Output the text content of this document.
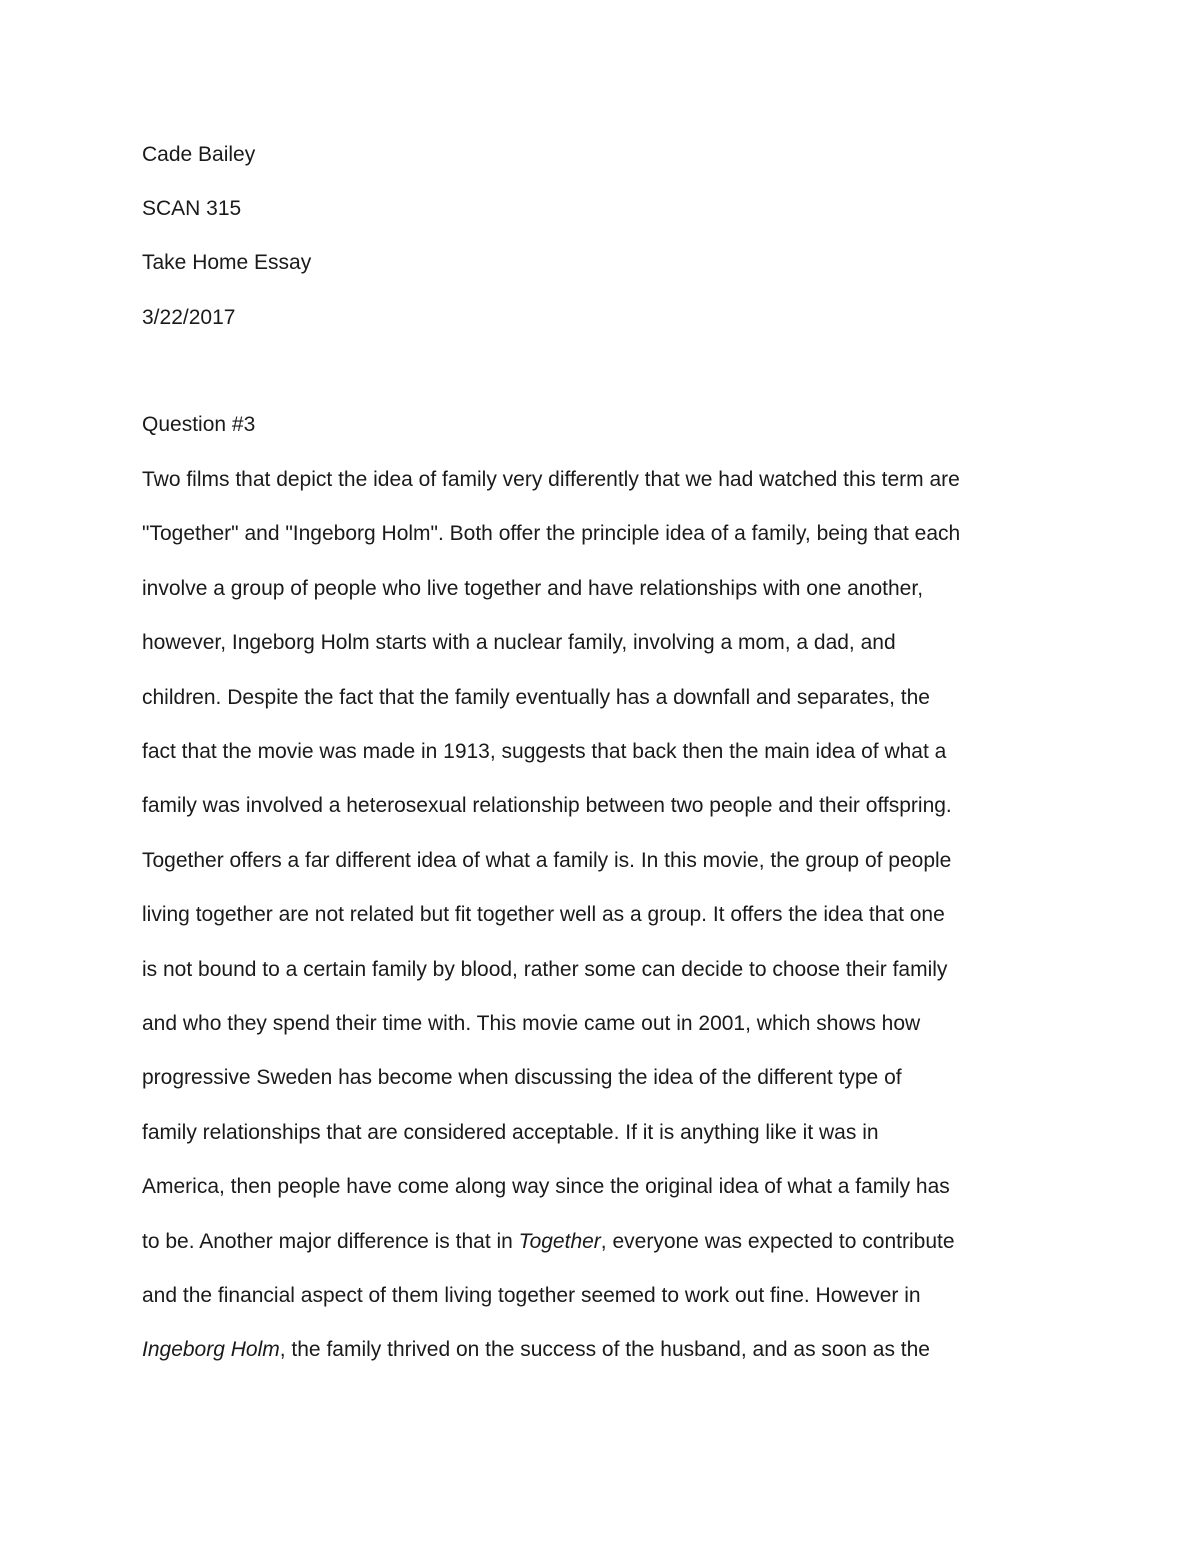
Cade Bailey
SCAN 315
Take Home Essay
3/22/2017
Question #3
Two films that depict the idea of family very differently that we had watched this term are
"Together" and "Ingeborg Holm". Both offer the principle idea of a family, being that each
involve a group of people who live together and have relationships with one another,
however, Ingeborg Holm starts with a nuclear family, involving a mom, a dad, and
children. Despite the fact that the family eventually has a downfall and separates, the
fact that the movie was made in 1913, suggests that back then the main idea of what a
family was involved a heterosexual relationship between two people and their offspring.
Together offers a far different idea of what a family is. In this movie, the group of people
living together are not related but fit together well as a group. It offers the idea that one
is not bound to a certain family by blood, rather some can decide to choose their family
and who they spend their time with. This movie came out in 2001, which shows how
progressive Sweden has become when discussing the idea of the different type of
family relationships that are considered acceptable. If it is anything like it was in
America, then people have come along way since the original idea of what a family has
to be. Another major difference is that in Together, everyone was expected to contribute
and the financial aspect of them living together seemed to work out fine. However in
Ingeborg Holm, the family thrived on the success of the husband, and as soon as the
